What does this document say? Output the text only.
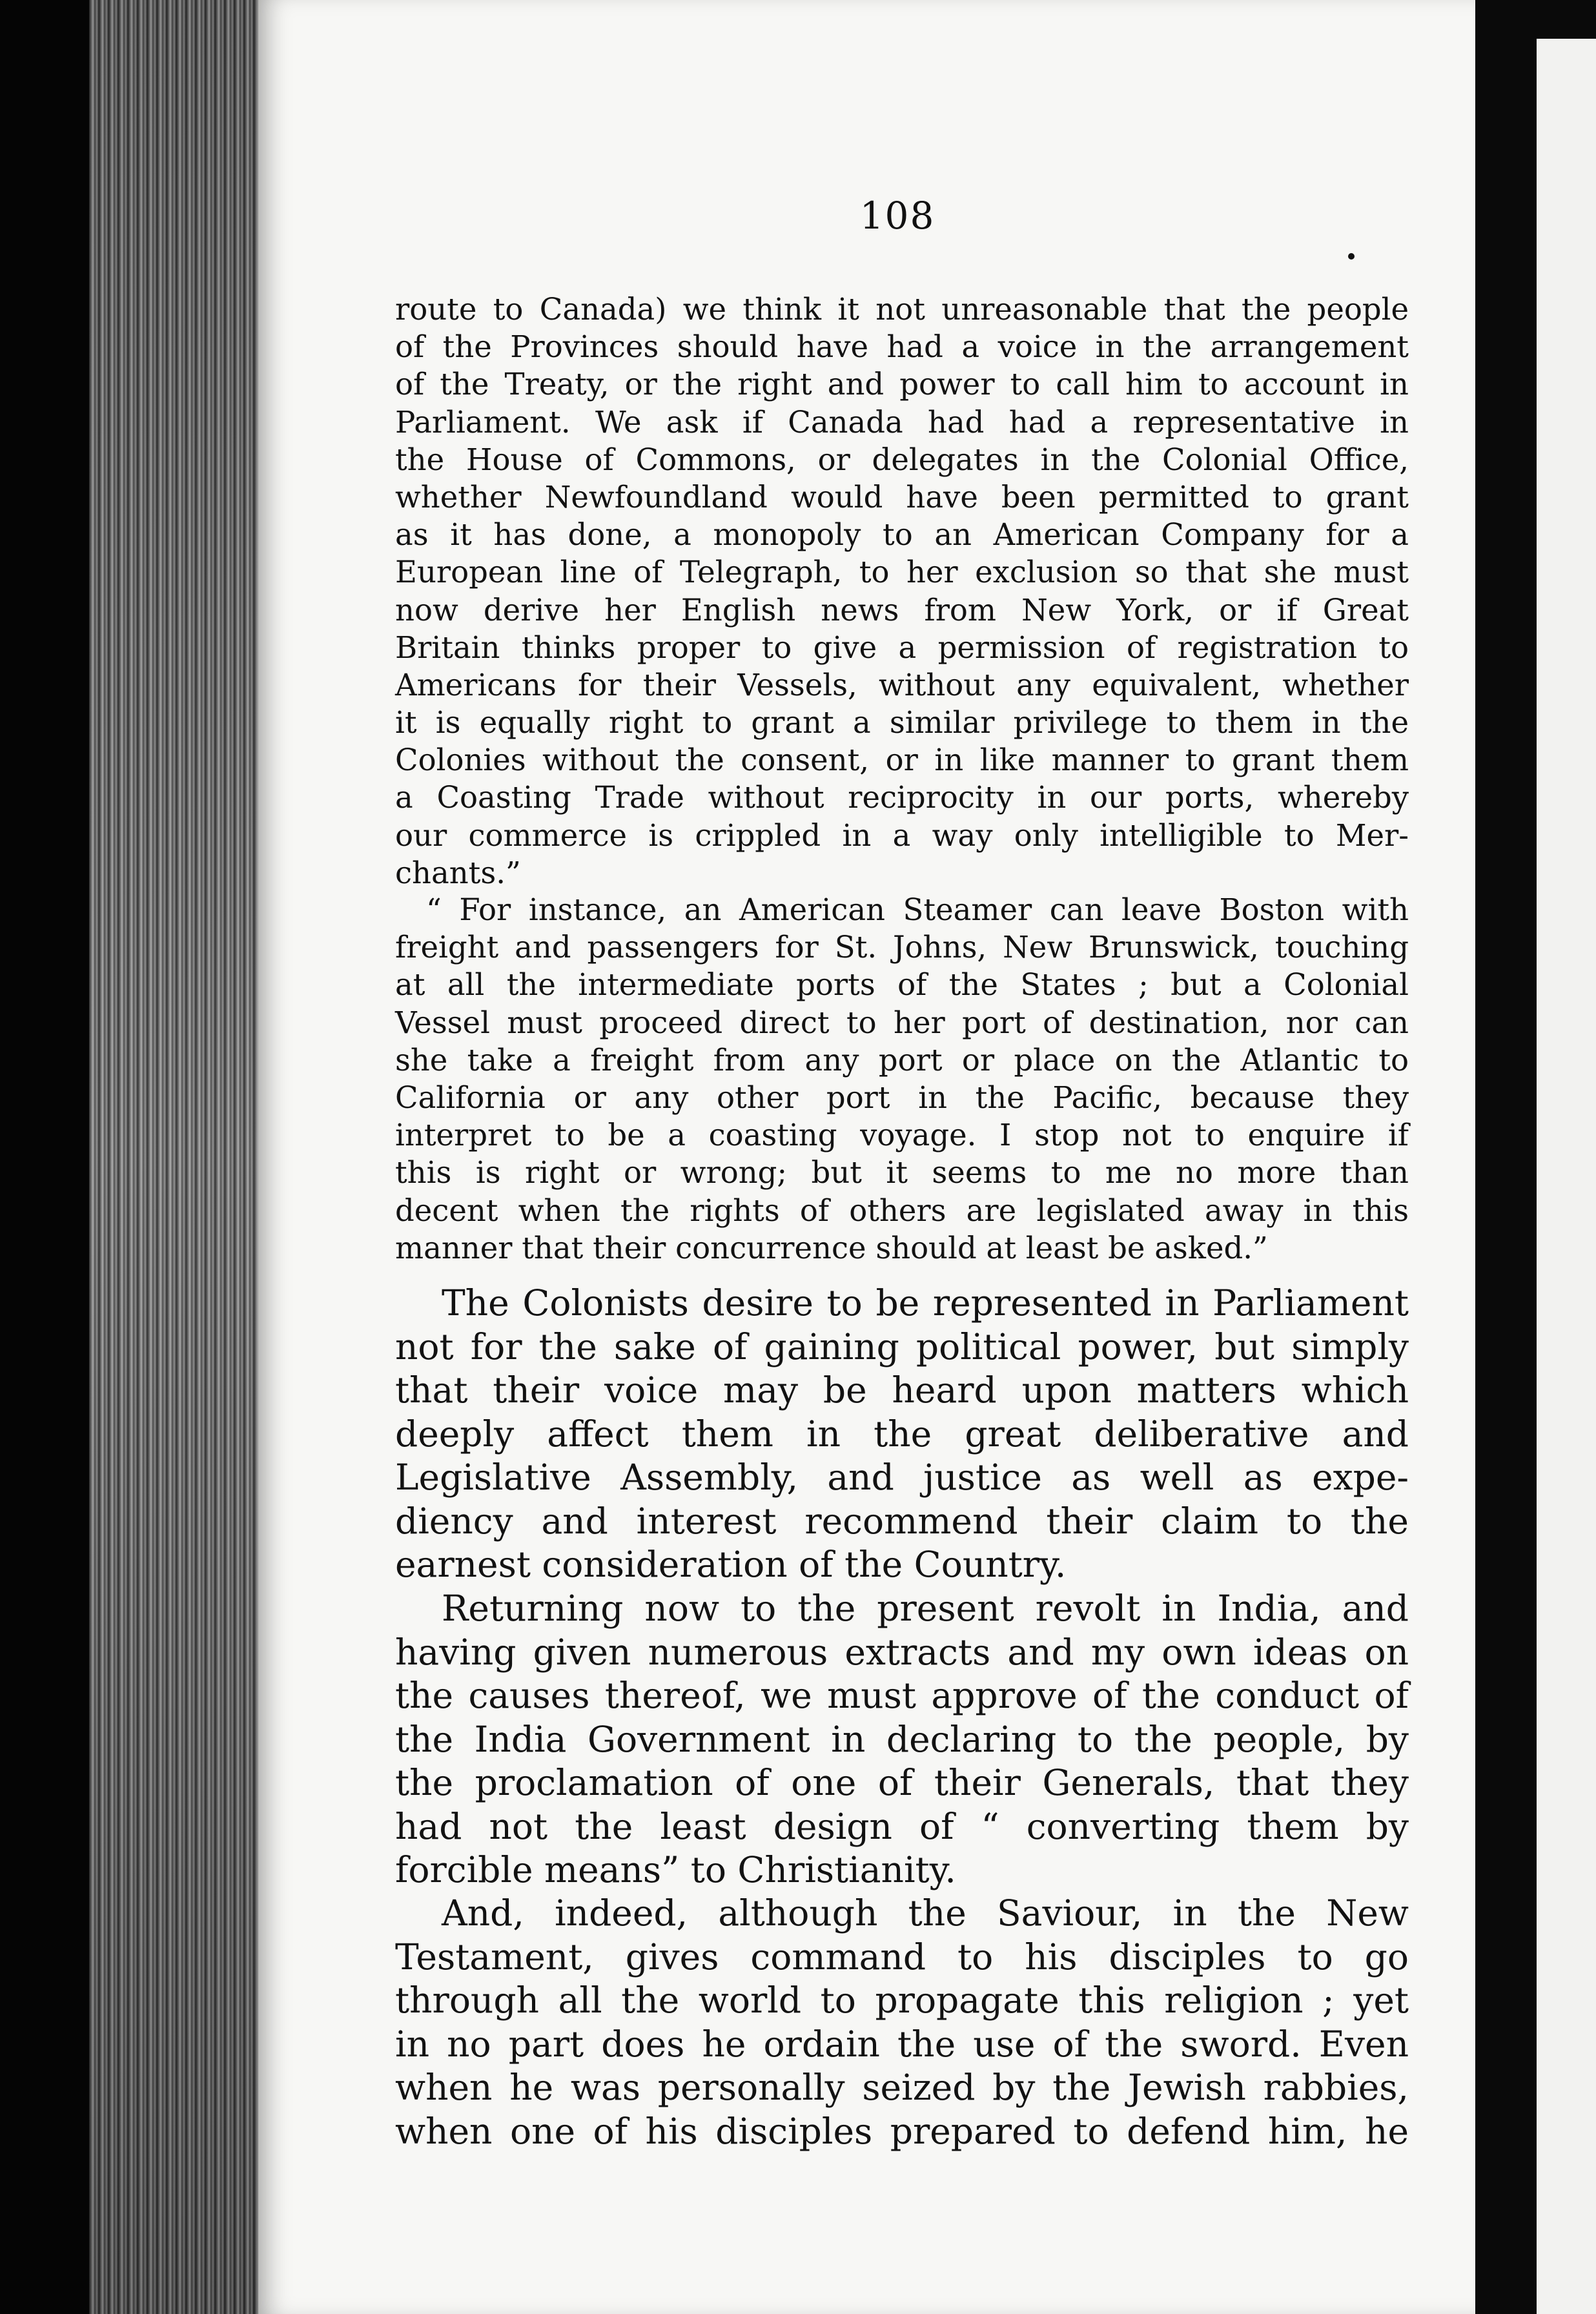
108
route to Canada) we think it not unreasonable that the people
of the Provinces should have had a voice in the arrangement
of the Treaty, or the right and power to call him to account in
Parliament. We ask if Canada had had a representative in
the House of Commons, or delegates in the Colonial Office,
whether Newfoundland would have been permitted to grant
as it has done, a monopoly to an American Company for a
European line of Telegraph, to her exclusion so that she must
now derive her English news from New York, or if Great
Britain thinks proper to give a permission of registration to
Americans for their Vessels, without any equivalent, whether
it is equally right to grant a similar privilege to them in the
Colonies without the consent, or in like manner to grant them
a Coasting Trade without reciprocity in our ports, whereby
our commerce is crippled in a way only intelligible to Mer-
chants.”
“ For instance, an American Steamer can leave Boston with
freight and passengers for St. Johns, New Brunswick, touching
at all the intermediate ports of the States ; but a Colonial
Vessel must proceed direct to her port of destination, nor can
she take a freight from any port or place on the Atlantic to
California or any other port in the Pacific, because they
interpret to be a coasting voyage. I stop not to enquire if
this is right or wrong; but it seems to me no more than
decent when the rights of others are legislated away in this
manner that their concurrence should at least be asked.”
The Colonists desire to be represented in Parliament
not for the sake of gaining political power, but simply
that their voice may be heard upon matters which
deeply affect them in the great deliberative and
Legislative Assembly, and justice as well as expe-
diency and interest recommend their claim to the
earnest consideration of the Country.
Returning now to the present revolt in India, and
having given numerous extracts and my own ideas on
the causes thereof, we must approve of the conduct of
the India Government in declaring to the people, by
the proclamation of one of their Generals, that they
had not the least design of “ converting them by
forcible means” to Christianity.
And, indeed, although the Saviour, in the New
Testament, gives command to his disciples to go
through all the world to propagate this religion ; yet
in no part does he ordain the use of the sword. Even
when he was personally seized by the Jewish rabbies,
when one of his disciples prepared to defend him, he
